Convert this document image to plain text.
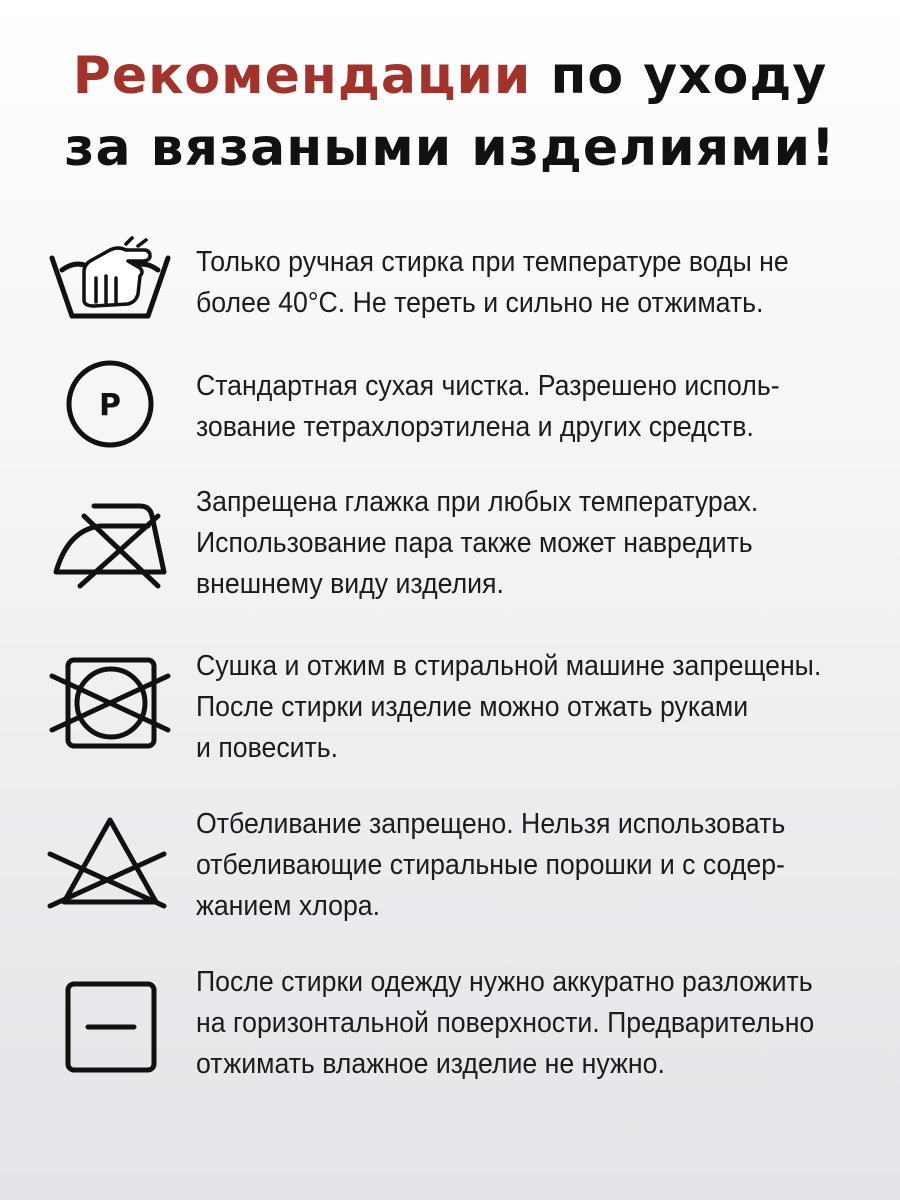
Рекомендации по уходу
за вязаными изделиями!
Только ручная стирка при температуре воды не
более 40°C. Не тереть и сильно не отжимать.
P
Стандартная сухая чистка. Разрешено исполь-
зование тетрахлорэтилена и других средств.
Запрещена глажка при любых температурах.
Использование пара также может навредить
внешнему виду изделия.
Сушка и отжим в стиральной машине запрещены.
После стирки изделие можно отжать руками
и повесить.
Отбеливание запрещено. Нельзя использовать
отбеливающие стиральные порошки и с содер-
жанием хлора.
После стирки одежду нужно аккуратно разложить
на горизонтальной поверхности. Предварительно
отжимать влажное изделие не нужно.
